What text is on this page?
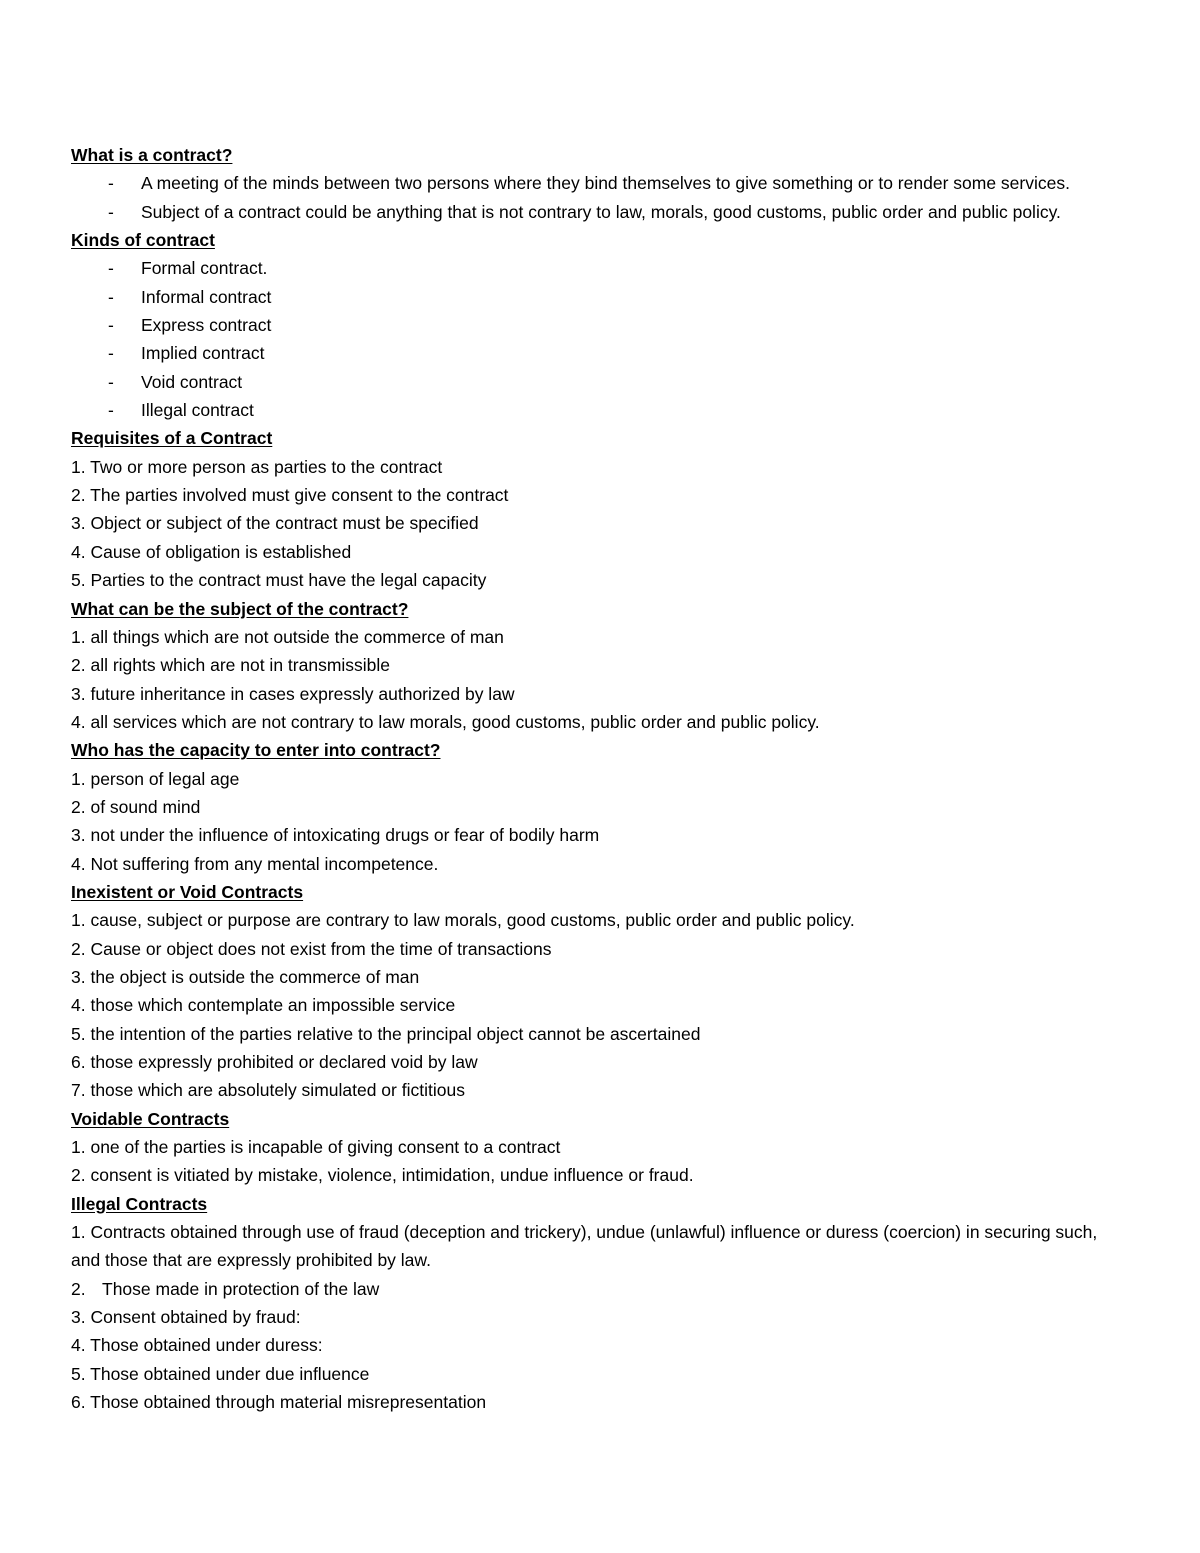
What is a contract?

- A meeting of the minds between two persons where they bind themselves to give something or to render some services.
- Subject of a contract could be anything that is not contrary to law, morals, good customs, public order and public policy.

Kinds of contract

- Formal contract.
- Informal contract
- Express contract
- Implied contract
- Void contract
- Illegal contract

Requisites of a Contract

1. Two or more person as parties to the contract

2. The parties involved must give consent to the contract

3. Object or subject of the contract must be specified

4. Cause of obligation is established

5. Parties to the contract must have the legal capacity

What can be the subject of the contract?

1. all things which are not outside the commerce of man

2. all rights which are not in transmissible

3. future inheritance in cases expressly authorized by law

4. all services which are not contrary to law morals, good customs, public order and public policy.

Who has the capacity to enter into contract?

1. person of legal age

2. of sound mind

3. not under the influence of intoxicating drugs or fear of bodily harm

4. Not suffering from any mental incompetence.

Inexistent or Void Contracts

1. cause, subject or purpose are contrary to law morals, good customs, public order and public policy.

2. Cause or object does not exist from the time of transactions

3. the object is outside the commerce of man

4. those which contemplate an impossible service

5. the intention of the parties relative to the principal object cannot be ascertained

6. those expressly prohibited or declared void by law

7. those which are absolutely simulated or fictitious

Voidable Contracts

1. one of the parties is incapable of giving consent to a contract

2. consent is vitiated by mistake, violence, intimidation, undue influence or fraud.

Illegal Contracts

1. Contracts obtained through use of fraud (deception and trickery), undue (unlawful) influence or duress (coercion) in securing such, and those that are expressly prohibited by law.

2. Those made in protection of the law

3. Consent obtained by fraud:

4. Those obtained under duress:

5. Those obtained under due influence

6. Those obtained through material misrepresentation
